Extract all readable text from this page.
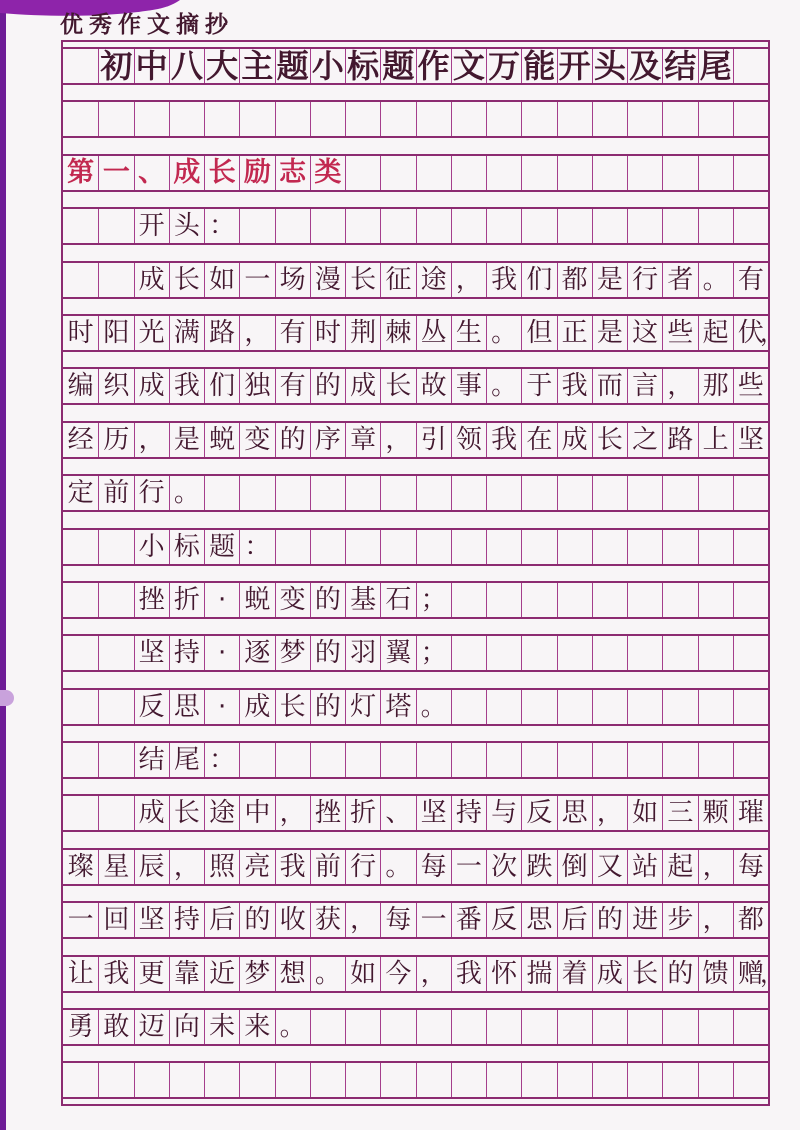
优秀作文摘抄
初 中 八 大 主 题 小 标 题 作 文 万 能 开 头 及 结 尾
第 一 、 成 长 励 志 类
开 头 ：
成 长 如 一 场 漫 长 征 途 ， 我 们 都 是 行 者 。 有
时 阳 光 满 路 ， 有 时 荆 棘 丛 生 。 但 正 是 这 些 起 伏
，
编 织 成 我 们 独 有 的 成 长 故 事 。 于 我 而 言 ， 那 些
经 历 ， 是 蜕 变 的 序 章 ， 引 领 我 在 成 长 之 路 上 坚
定 前 行 。
小 标 题 ：
挫 折 · 蜕 变 的 基 石 ；
坚 持 · 逐 梦 的 羽 翼 ；
反 思 · 成 长 的 灯 塔 。
结 尾 ：
成 长 途 中 ， 挫 折 、 坚 持 与 反 思 ， 如 三 颗 璀
璨 星 辰 ， 照 亮 我 前 行 。 每 一 次 跌 倒 又 站 起 ， 每
一 回 坚 持 后 的 收 获 ， 每 一 番 反 思 后 的 进 步 ， 都
让 我 更 靠 近 梦 想 。 如 今 ， 我 怀 揣 着 成 长 的 馈 赠
，
勇 敢 迈 向 未 来 。
